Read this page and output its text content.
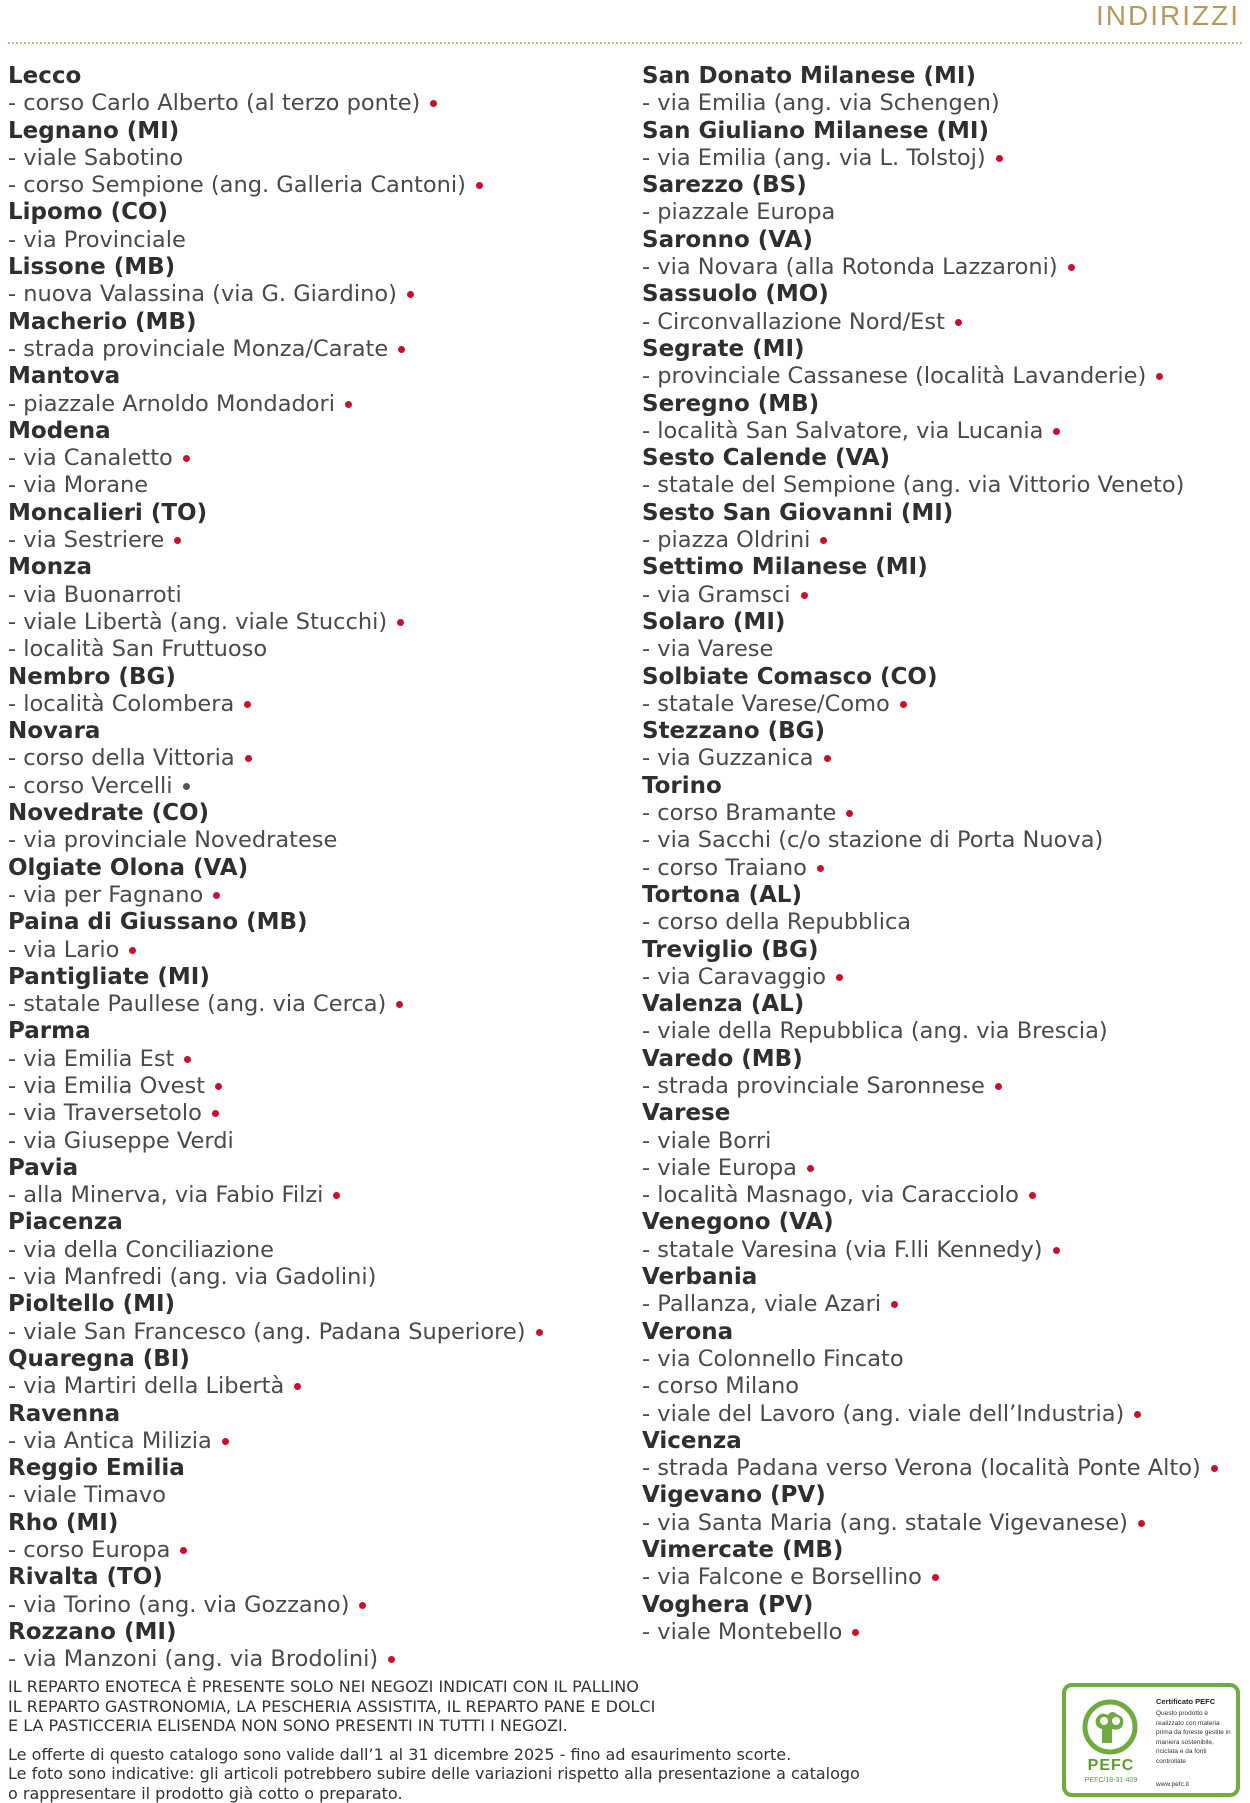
INDIRIZZI
Lecco
- corso Carlo Alberto (al terzo ponte)
Legnano (MI)
- viale Sabotino
- corso Sempione (ang. Galleria Cantoni)
Lipomo (CO)
- via Provinciale
Lissone (MB)
- nuova Valassina (via G. Giardino)
Macherio (MB)
- strada provinciale Monza/Carate
Mantova
- piazzale Arnoldo Mondadori
Modena
- via Canaletto
- via Morane
Moncalieri (TO)
- via Sestriere
Monza
- via Buonarroti
- viale Libertà (ang. viale Stucchi)
- località San Fruttuoso
Nembro (BG)
- località Colombera
Novara
- corso della Vittoria
- corso Vercelli
Novedrate (CO)
- via provinciale Novedratese
Olgiate Olona (VA)
- via per Fagnano
Paina di Giussano (MB)
- via Lario
Pantigliate (MI)
- statale Paullese (ang. via Cerca)
Parma
- via Emilia Est
- via Emilia Ovest
- via Traversetolo
- via Giuseppe Verdi
Pavia
- alla Minerva, via Fabio Filzi
Piacenza
- via della Conciliazione
- via Manfredi (ang. via Gadolini)
Pioltello (MI)
- viale San Francesco (ang. Padana Superiore)
Quaregna (BI)
- via Martiri della Libertà
Ravenna
- via Antica Milizia
Reggio Emilia
- viale Timavo
Rho (MI)
- corso Europa
Rivalta (TO)
- via Torino (ang. via Gozzano)
Rozzano (MI)
- via Manzoni (ang. via Brodolini)
San Donato Milanese (MI)
- via Emilia (ang. via Schengen)
San Giuliano Milanese (MI)
- via Emilia (ang. via L. Tolstoj)
Sarezzo (BS)
- piazzale Europa
Saronno (VA)
- via Novara (alla Rotonda Lazzaroni)
Sassuolo (MO)
- Circonvallazione Nord/Est
Segrate (MI)
- provinciale Cassanese (località Lavanderie)
Seregno (MB)
- località San Salvatore, via Lucania
Sesto Calende (VA)
- statale del Sempione (ang. via Vittorio Veneto)
Sesto San Giovanni (MI)
- piazza Oldrini
Settimo Milanese (MI)
- via Gramsci
Solaro (MI)
- via Varese
Solbiate Comasco (CO)
- statale Varese/Como
Stezzano (BG)
- via Guzzanica
Torino
- corso Bramante
- via Sacchi (c/o stazione di Porta Nuova)
- corso Traiano
Tortona (AL)
- corso della Repubblica
Treviglio (BG)
- via Caravaggio
Valenza (AL)
- viale della Repubblica (ang. via Brescia)
Varedo (MB)
- strada provinciale Saronnese
Varese
- viale Borri
- viale Europa
- località Masnago, via Caracciolo
Venegono (VA)
- statale Varesina (via F.lli Kennedy)
Verbania
- Pallanza, viale Azari
Verona
- via Colonnello Fincato
- corso Milano
- viale del Lavoro (ang. viale dell’Industria)
Vicenza
- strada Padana verso Verona (località Ponte Alto)
Vigevano (PV)
- via Santa Maria (ang. statale Vigevanese)
Vimercate (MB)
- via Falcone e Borsellino
Voghera (PV)
- viale Montebello
IL REPARTO ENOTECA È PRESENTE SOLO NEI NEGOZI INDICATI CON IL PALLINO
IL REPARTO GASTRONOMIA, LA PESCHERIA ASSISTITA, IL REPARTO PANE E DOLCI
E LA PASTICCERIA ELISENDA NON SONO PRESENTI IN TUTTI I NEGOZI.
Le offerte di questo catalogo sono valide dall’1 al 31 dicembre 2025 - fino ad esaurimento scorte.
Le foto sono indicative: gli articoli potrebbero subire delle variazioni rispetto alla presentazione a catalogo
o rappresentare il prodotto già cotto o preparato.
PEFC
PEFC/18-31-409
Certificato PEFC
Questo prodotto è realizzato con materia prima da foreste gestite in maniera sostenibile, riciclata e da fonti controllate
www.pefc.it
